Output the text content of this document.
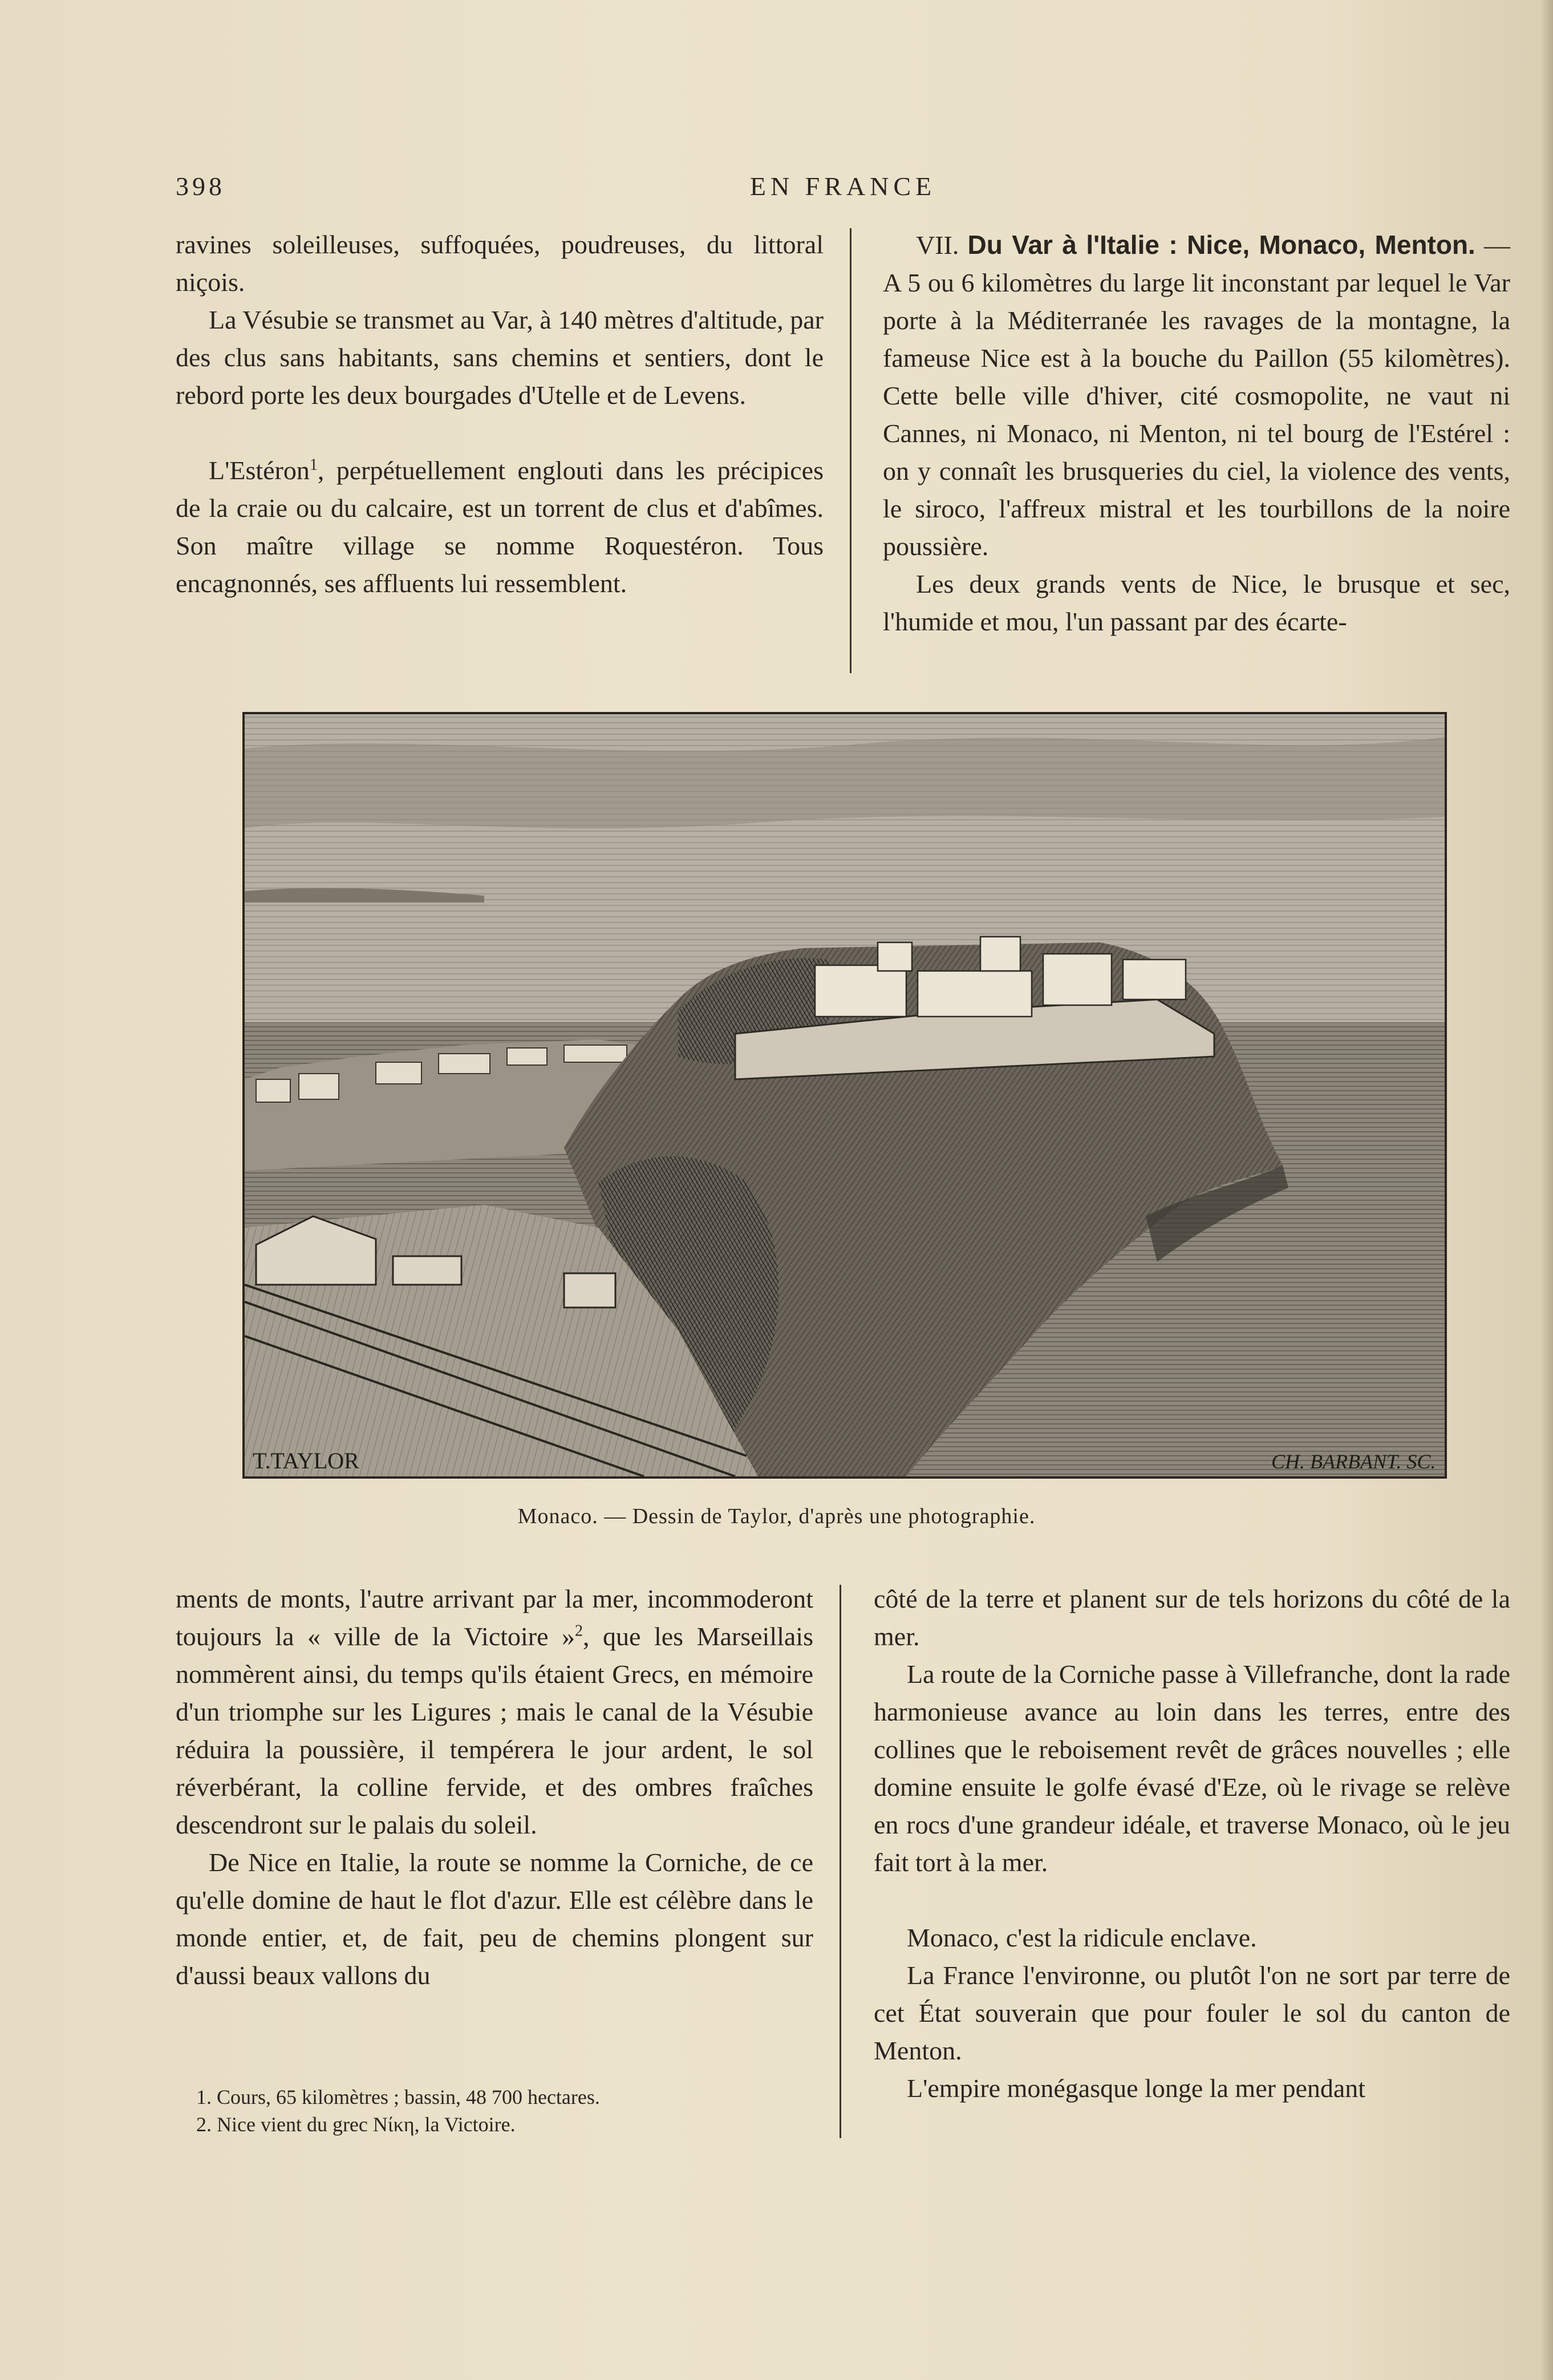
398	EN FRANCE

ravines soleilleuses, suffoquées, poudreuses, du littoral niçois.

La Vésubie se transmet au Var, à 140 mètres d'altitude, par des clus sans habitants, sans chemins et sentiers, dont le rebord porte les deux bourgades d'Utelle et de Levens.

L'Estéron$^1$, perpétuellement englouti dans les précipices de la craie ou du calcaire, est un torrent de clus et d'abîmes. Son maître village se nomme Roquestéron. Tous encagnonnés, ses affluents lui ressemblent.

VII. Du Var à l'Italie : Nice, Monaco, Menton. — A 5 ou 6 kilomètres du large lit inconstant par lequel le Var porte à la Méditerranée les ravages de la montagne, la fameuse Nice est à la bouche du Paillon (55 kilomètres). Cette belle ville d'hiver, cité cosmopolite, ne vaut ni Cannes, ni Monaco, ni Menton, ni tel bourg de l'Estérel : on y connaît les brusqueries du ciel, la violence des vents, le siroco, l'affreux mistral et les tourbillons de la noire poussière.

Les deux grands vents de Nice, le brusque et sec, l'humide et mou, l'un passant par des écarte-

T.TAYLOR	CH. BARBANT. SC.
Monaco. — Dessin de Taylor, d'après une photographie.

ments de monts, l'autre arrivant par la mer, incommoderont toujours la « ville de la Victoire »$^2$, que les Marseillais nommèrent ainsi, du temps qu'ils étaient Grecs, en mémoire d'un triomphe sur les Ligures ; mais le canal de la Vésubie réduira la poussière, il tempérera le jour ardent, le sol réverbérant, la colline fervide, et des ombres fraîches descendront sur le palais du soleil.

De Nice en Italie, la route se nomme la Corniche, de ce qu'elle domine de haut le flot d'azur. Elle est célèbre dans le monde entier, et, de fait, peu de chemins plongent sur d'aussi beaux vallons du

côté de la terre et planent sur de tels horizons du côté de la mer.

La route de la Corniche passe à Villefranche, dont la rade harmonieuse avance au loin dans les terres, entre des collines que le reboisement revêt de grâces nouvelles ; elle domine ensuite le golfe évasé d'Eze, où le rivage se relève en rocs d'une grandeur idéale, et traverse Monaco, où le jeu fait tort à la mer.

Monaco, c'est la ridicule enclave.

La France l'environne, ou plutôt l'on ne sort par terre de cet État souverain que pour fouler le sol du canton de Menton.

L'empire monégasque longe la mer pendant

1. Cours, 65 kilomètres ; bassin, 48 700 hectares.

2. Nice vient du grec Νίκη, la Victoire.
